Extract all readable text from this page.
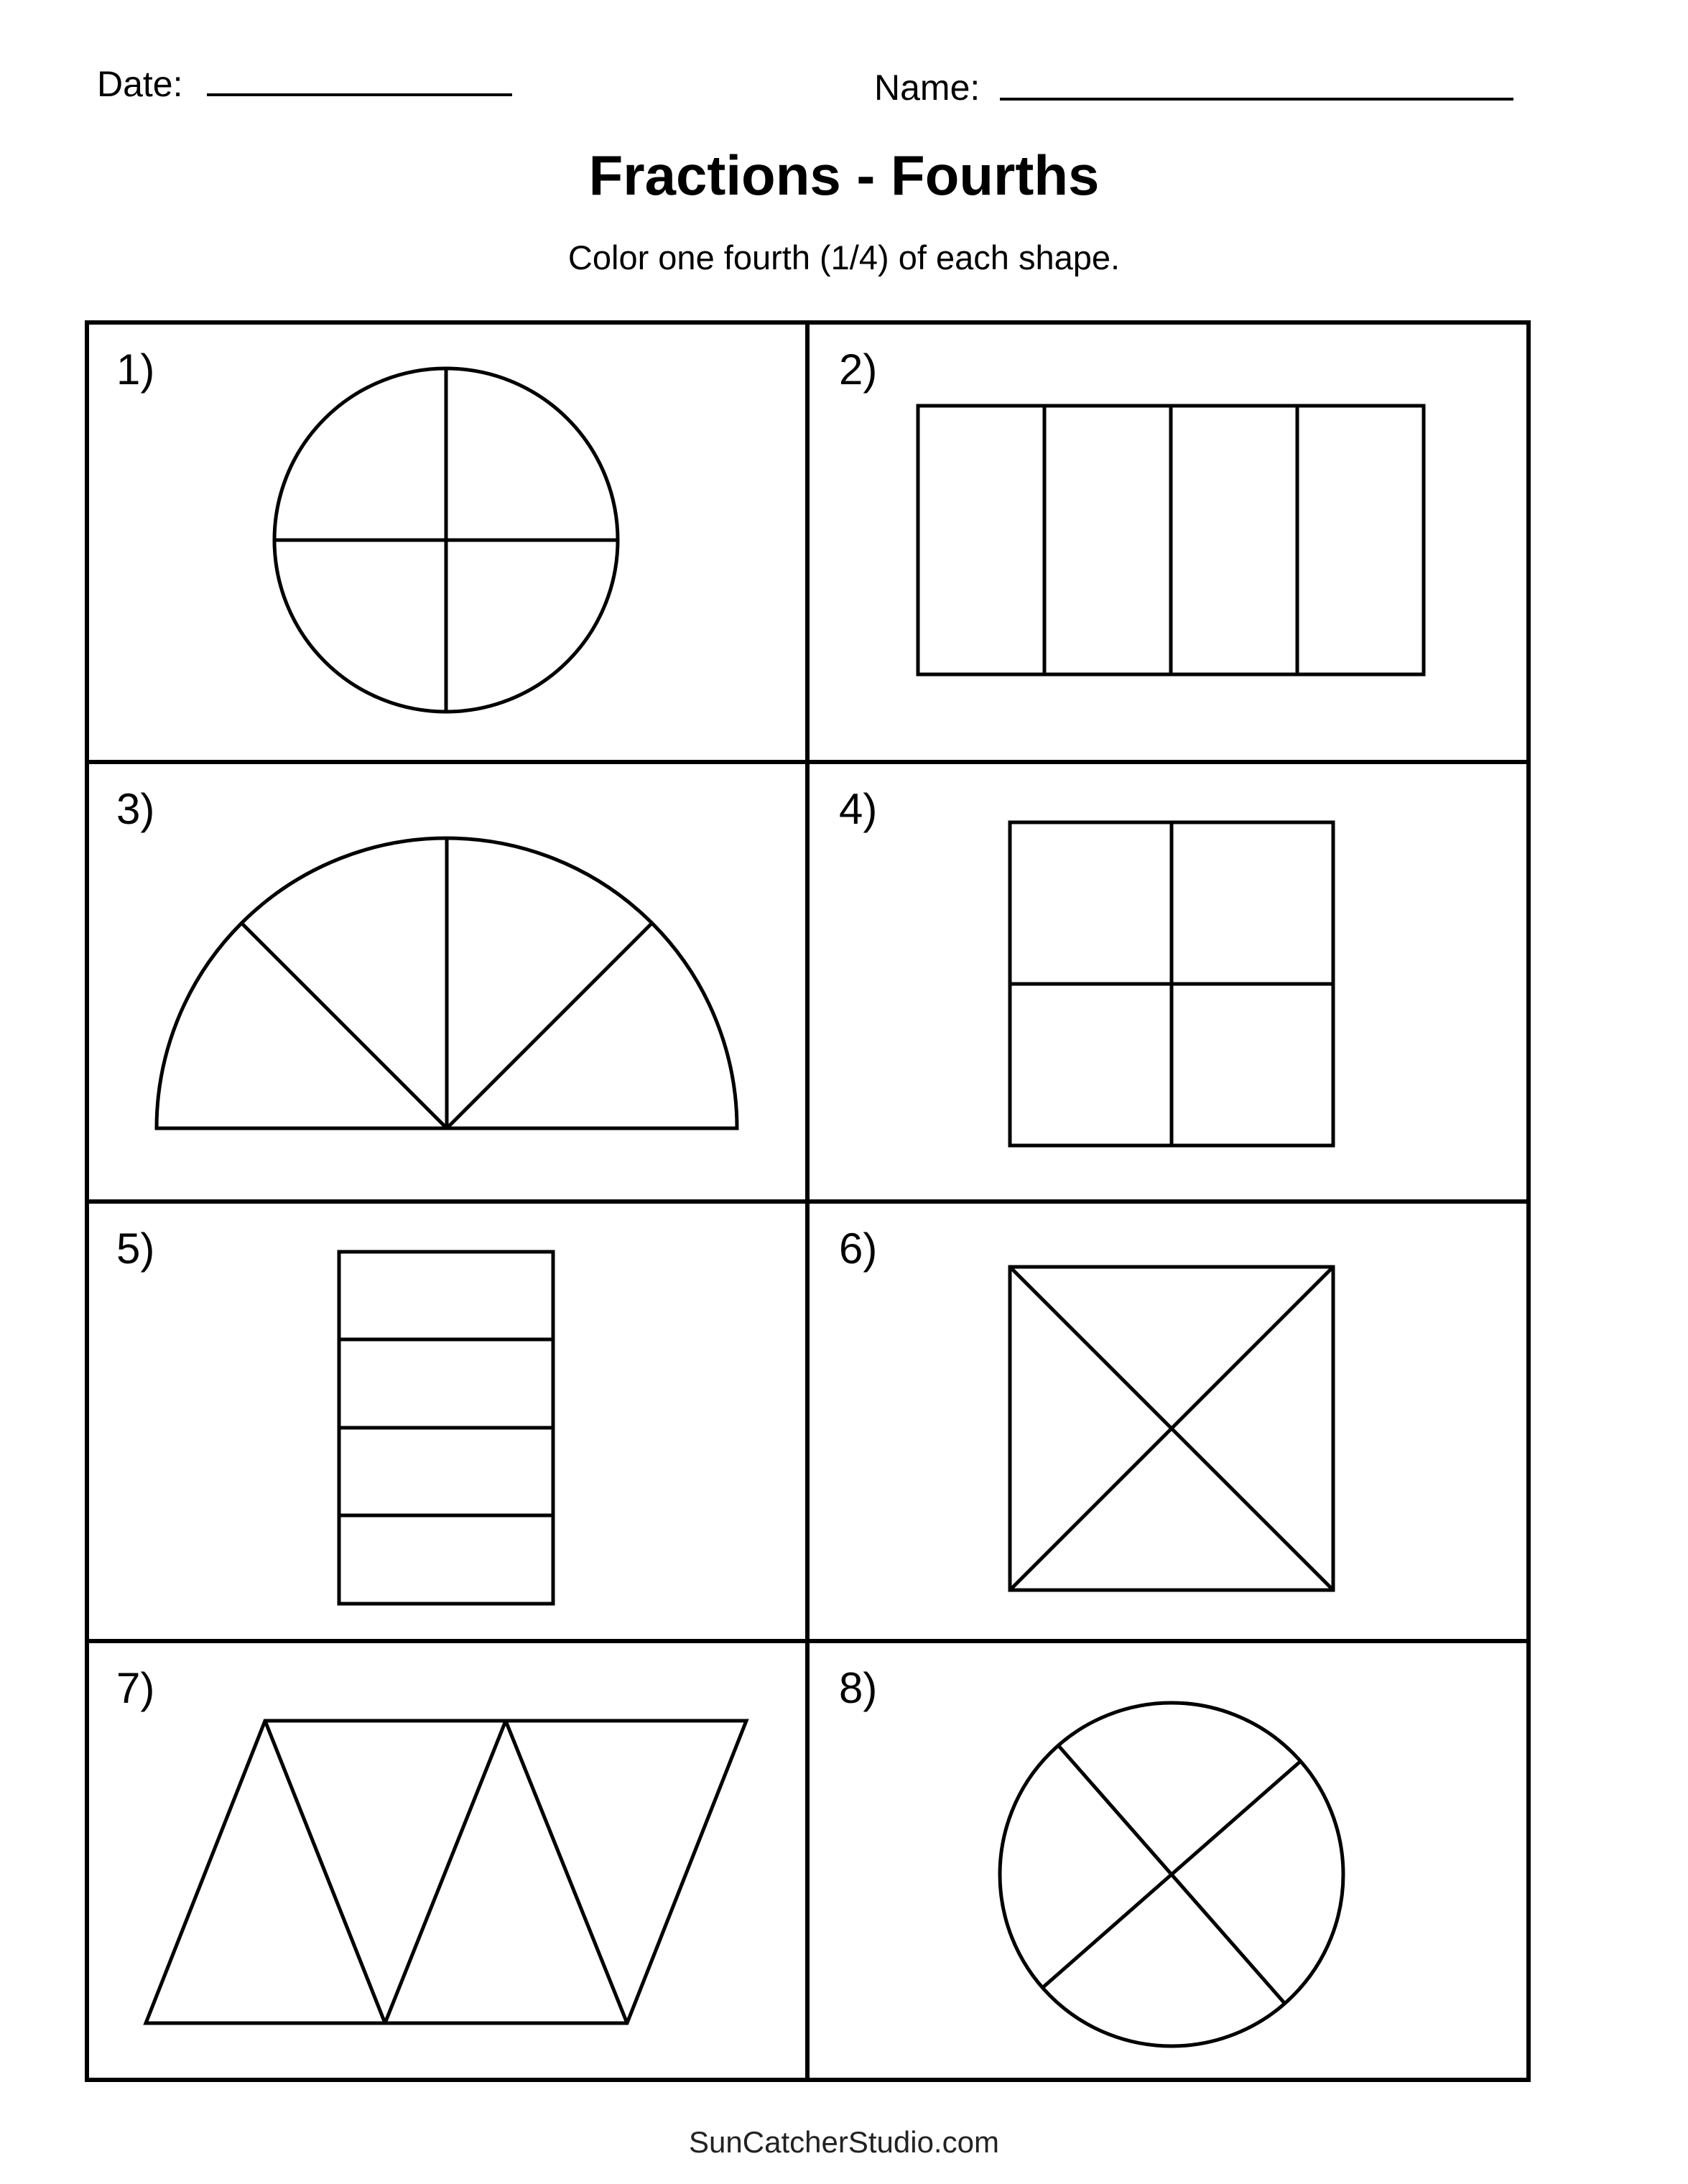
Date:	Name:
Fractions - Fourths
Color one fourth (1/4) of each shape.
1)	2)
3)	4)
5)	6)
7)	8)
SunCatcherStudio.com
